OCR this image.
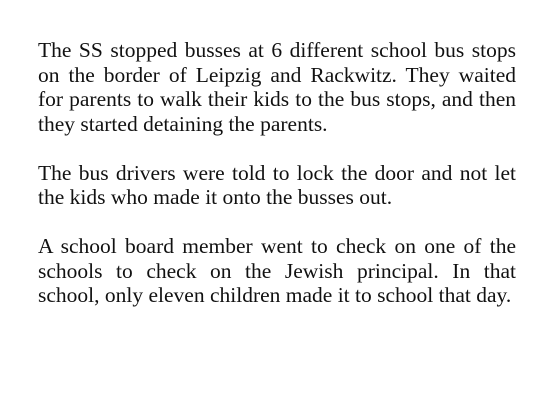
The SS stopped busses at 6 different school bus stops on the border of Leipzig and Rackwitz. They waited for parents to walk their kids to the bus stops, and then they started detaining the parents.

The bus drivers were told to lock the door and not let the kids who made it onto the busses out.

A school board member went to check on one of the schools to check on the Jewish principal. In that school, only eleven children made it to school that day.
